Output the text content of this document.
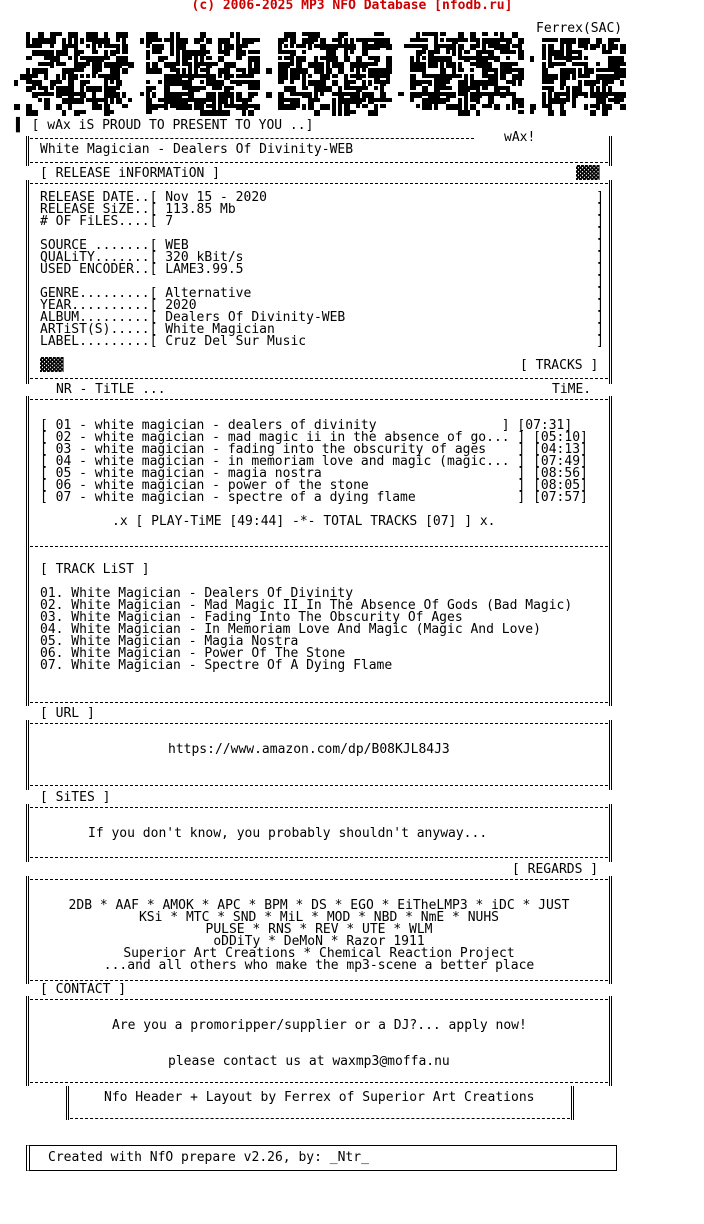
(c) 2006-2025 MP3 NFO Database [nfodb.ru]
Ferrex(SAC)
▌ [ wAx iS PROUD TO PRESENT TO YOU ..]
wAx!
White Magician - Dealers Of Divinity-WEB
[ RELEASE iNFORMATiON ]	▓▓▓
RELEASE DATE..[ Nov 15 - 2020	]
RELEASE SiZE..[ 113.85 Mb	]
# OF FiLES....[ 7	]
]
SOURCE .......[ WEB	]
QUALiTY.......[ 320 kBit/s	]
USED ENCODER..[ LAME3.99.5	]
]
GENRE.........[ Alternative	]
YEAR..........[ 2020	]
ALBUM.........[ Dealers Of Divinity-WEB	]
ARTiST(S).....[ White Magician	]
LABEL.........[ Cruz Del Sur Music	]
[ TRACKS ]
▓▓▓
NR - TiTLE ...	TiME.
[ 01 - white magician - dealers of divinity                ] [07:31]
[ 02 - white magician - mad magic ii in the absence of go... ] [05:10]
[ 03 - white magician - fading into the obscurity of ages    ] [04:13]
[ 04 - white magician - in memoriam love and magic (magic... ] [07:49]
[ 05 - white magician - magia nostra                         ] [08:56]
[ 06 - white magician - power of the stone                   ] [08:05]
[ 07 - white magician - spectre of a dying flame             ] [07:57]
.x [ PLAY-TiME [49:44] -*- TOTAL TRACKS [07] ] x.
[ TRACK LiST ]
01. White Magician - Dealers Of Divinity
02. White Magician - Mad Magic II In The Absence Of Gods (Bad Magic)
03. White Magician - Fading Into The Obscurity Of Ages
04. White Magician - In Memoriam Love And Magic (Magic And Love)
05. White Magician - Magia Nostra
06. White Magician - Power Of The Stone
07. White Magician - Spectre Of A Dying Flame
[ URL ]
https://www.amazon.com/dp/B08KJL84J3
[ SiTES ]
If you don't know, you probably shouldn't anyway...
[ REGARDS ]
2DB * AAF * AMOK * APC * BPM * DS * EGO * EiTheLMP3 * iDC * JUST
KSi * MTC * SND * MiL * MOD * NBD * NmE * NUHS
PULSE * RNS * REV * UTE * WLM
oDDiTy * DeMoN * Razor 1911
Superior Art Creations * Chemical Reaction Project
...and all others who make the mp3-scene a better place
[ CONTACT ]
Are you a promoripper/supplier or a DJ?... apply now!
please contact us at waxmp3@moffa.nu
Nfo Header + Layout by Ferrex of Superior Art Creations
Created with NfO prepare v2.26, by: _Ntr_
